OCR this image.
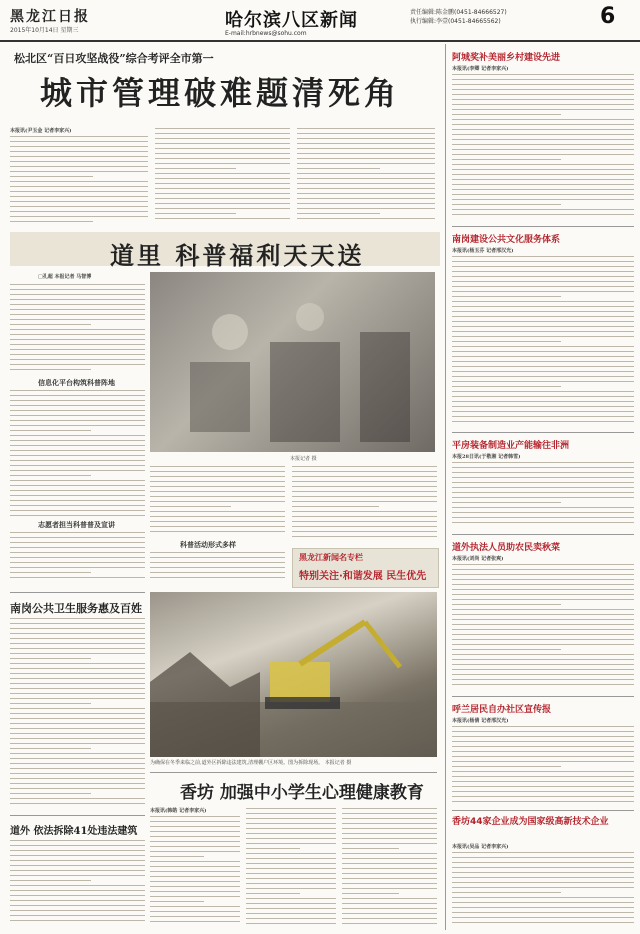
黑龙江日报
2015年10月14日 星期三	哈尔滨八区新闻
E-mail:hrbnews@sohu.com
责任编辑:陈金鹏(0451-84666527)
执行编辑:李壹(0451-84665562)	6
松北区“百日攻坚战役”综合考评全市第一
城市管理破难题清死角
本报讯(尹玉金 记者李家兴)
道里 科普福利天天送
□孔超 本报记者 马智博
信息化平台构筑科普阵地
志愿者担当科普普及宣讲
本报记者 摄
科普活动形式多样
黑龙江新闻名专栏
特别关注·和谐发展 民生优先
南岗公共卫生服务惠及百姓
为确保在冬季来临之前,道外区拆除违法建筑,清理棚户区环境。图为拆除现场。 本报记者 摄
道外 依法拆除41处违法建筑
香坊 加强中小学生心理健康教育
本报讯(韩皓 记者李家兴)
阿城奖补美丽乡村建设先进
本报讯(李卿 记者李家兴)
南岗建设公共文化服务体系
本报讯(杨玉芬 记者邢汉光)
平房装备制造业产能输往非洲
本报28日讯(于敬湘 记者韩雪)
道外执法人员助农民卖秋菜
本报讯(刘尚 记者张爽)
呼兰居民自办社区宣传报
本报讯(杨倩 记者邢汉光)
香坊44家企业成为国家级高新技术企业
本报讯(吴品 记者李家兴)
